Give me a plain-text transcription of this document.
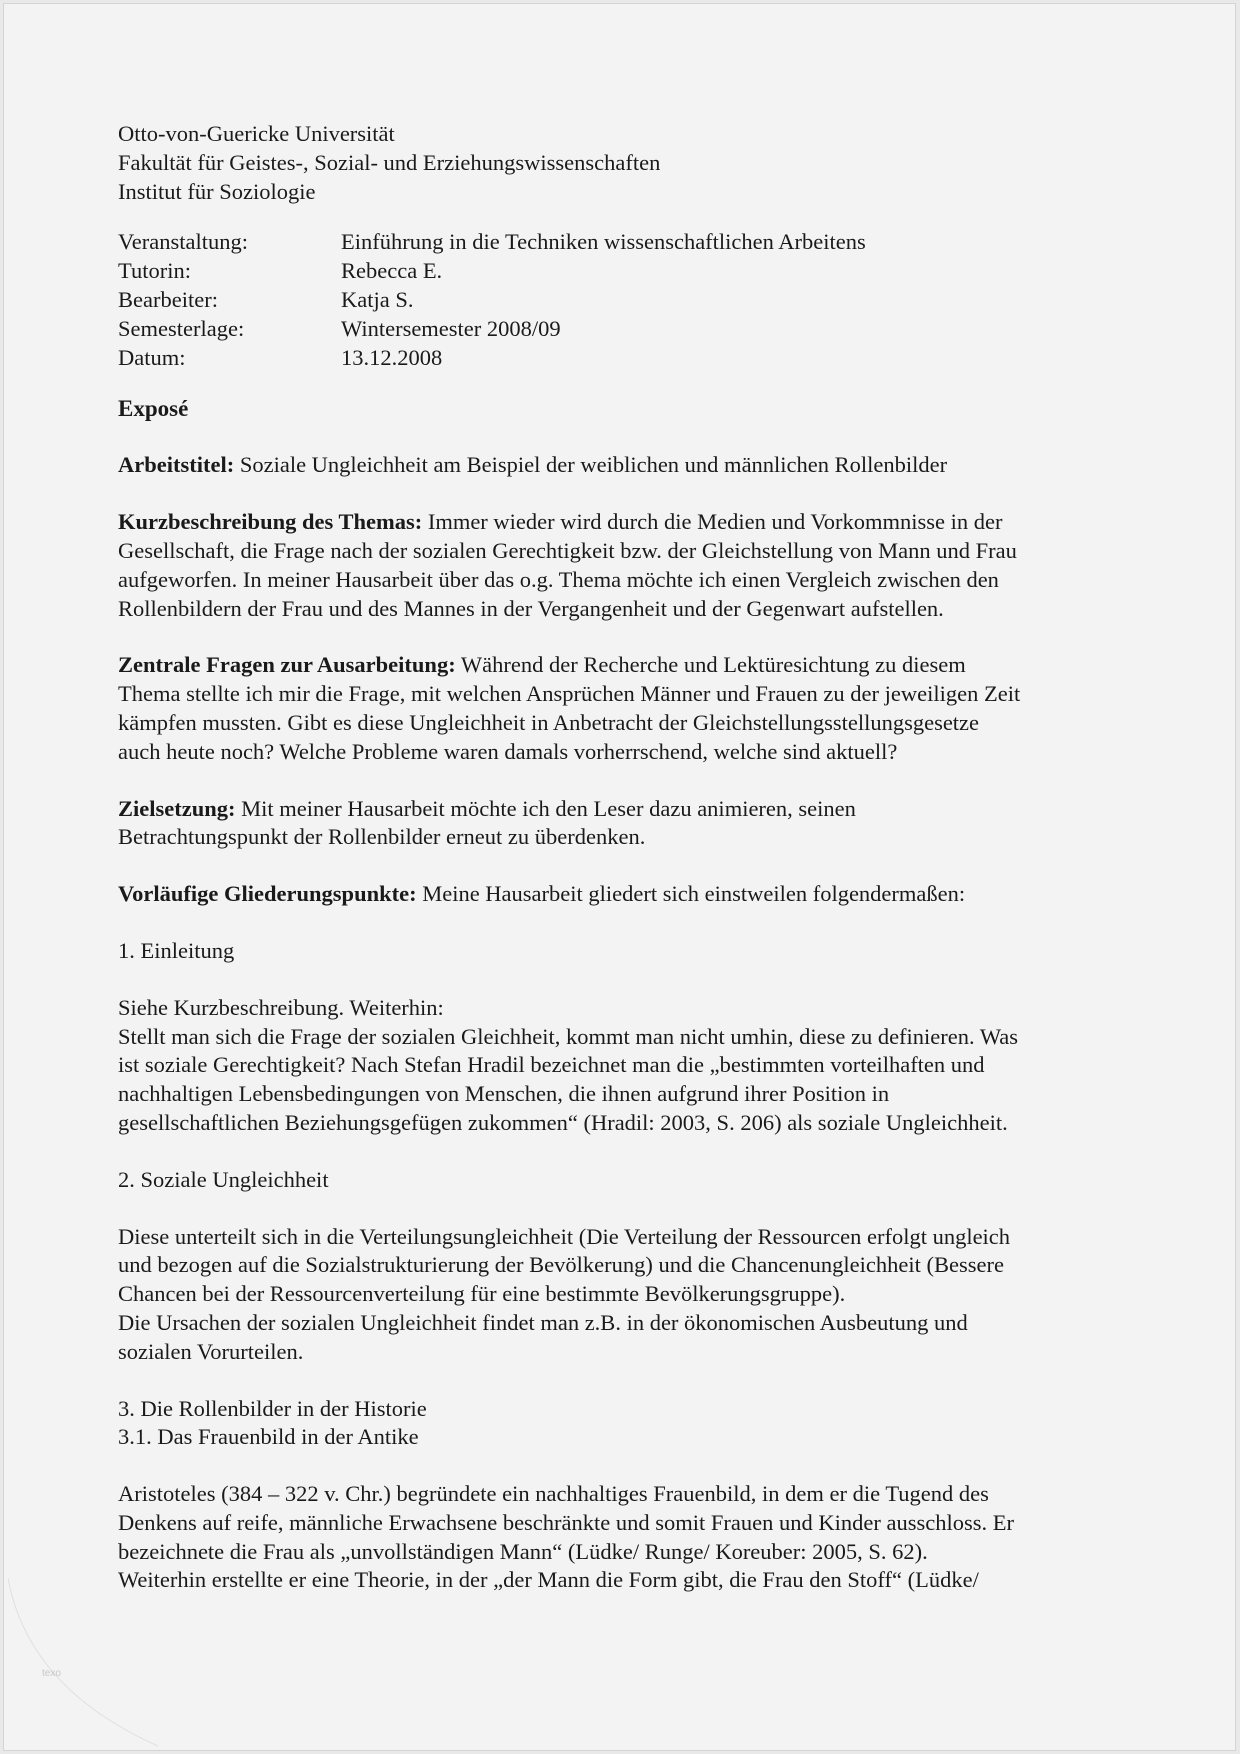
Otto-von-Guericke Universität
Fakultät für Geistes-, Sozial- und Erziehungswissenschaften
Institut für Soziologie
Veranstaltung:	Einführung in die Techniken wissenschaftlichen Arbeitens
Tutorin:	Rebecca E.
Bearbeiter:	Katja S.
Semesterlage:	Wintersemester 2008/09
Datum:	13.12.2008
Exposé

Arbeitstitel: Soziale Ungleichheit am Beispiel der weiblichen und männlichen Rollenbilder

Kurzbeschreibung des Themas: Immer wieder wird durch die Medien und Vorkommnisse in der
Gesellschaft, die Frage nach der sozialen Gerechtigkeit bzw. der Gleichstellung von Mann und Frau
aufgeworfen. In meiner Hausarbeit über das o.g. Thema möchte ich einen Vergleich zwischen den
Rollenbildern der Frau und des Mannes in der Vergangenheit und der Gegenwart aufstellen.
Zentrale Fragen zur Ausarbeitung: Während der Recherche und Lektüresichtung zu diesem
Thema stellte ich mir die Frage, mit welchen Ansprüchen Männer und Frauen zu der jeweiligen Zeit
kämpfen mussten. Gibt es diese Ungleichheit in Anbetracht der Gleichstellungsstellungsgesetze
auch heute noch? Welche Probleme waren damals vorherrschend, welche sind aktuell?
Zielsetzung: Mit meiner Hausarbeit möchte ich den Leser dazu animieren, seinen
Betrachtungspunkt der Rollenbilder erneut zu überdenken.
Vorläufige Gliederungspunkte: Meine Hausarbeit gliedert sich einstweilen folgendermaßen:
1. Einleitung
Siehe Kurzbeschreibung. Weiterhin:
Stellt man sich die Frage der sozialen Gleichheit, kommt man nicht umhin, diese zu definieren. Was
ist soziale Gerechtigkeit? Nach Stefan Hradil bezeichnet man die „bestimmten vorteilhaften und
nachhaltigen Lebensbedingungen von Menschen, die ihnen aufgrund ihrer Position in
gesellschaftlichen Beziehungsgefügen zukommen“ (Hradil: 2003, S. 206) als soziale Ungleichheit.
2. Soziale Ungleichheit
Diese unterteilt sich in die Verteilungsungleichheit (Die Verteilung der Ressourcen erfolgt ungleich
und bezogen auf die Sozialstrukturierung der Bevölkerung) und die Chancenungleichheit (Bessere
Chancen bei der Ressourcenverteilung für eine bestimmte Bevölkerungsgruppe).
Die Ursachen der sozialen Ungleichheit findet man z.B. in der ökonomischen Ausbeutung und
sozialen Vorurteilen.
3. Die Rollenbilder in der Historie
3.1. Das Frauenbild in der Antike
Aristoteles (384 – 322 v. Chr.) begründete ein nachhaltiges Frauenbild, in dem er die Tugend des
Denkens auf reife, männliche Erwachsene beschränkte und somit Frauen und Kinder ausschloss. Er
bezeichnete die Frau als „unvollständigen Mann“ (Lüdke/ Runge/ Koreuber: 2005, S. 62).
Weiterhin erstellte er eine Theorie, in der „der Mann die Form gibt, die Frau den Stoff“ (Lüdke/
texo
